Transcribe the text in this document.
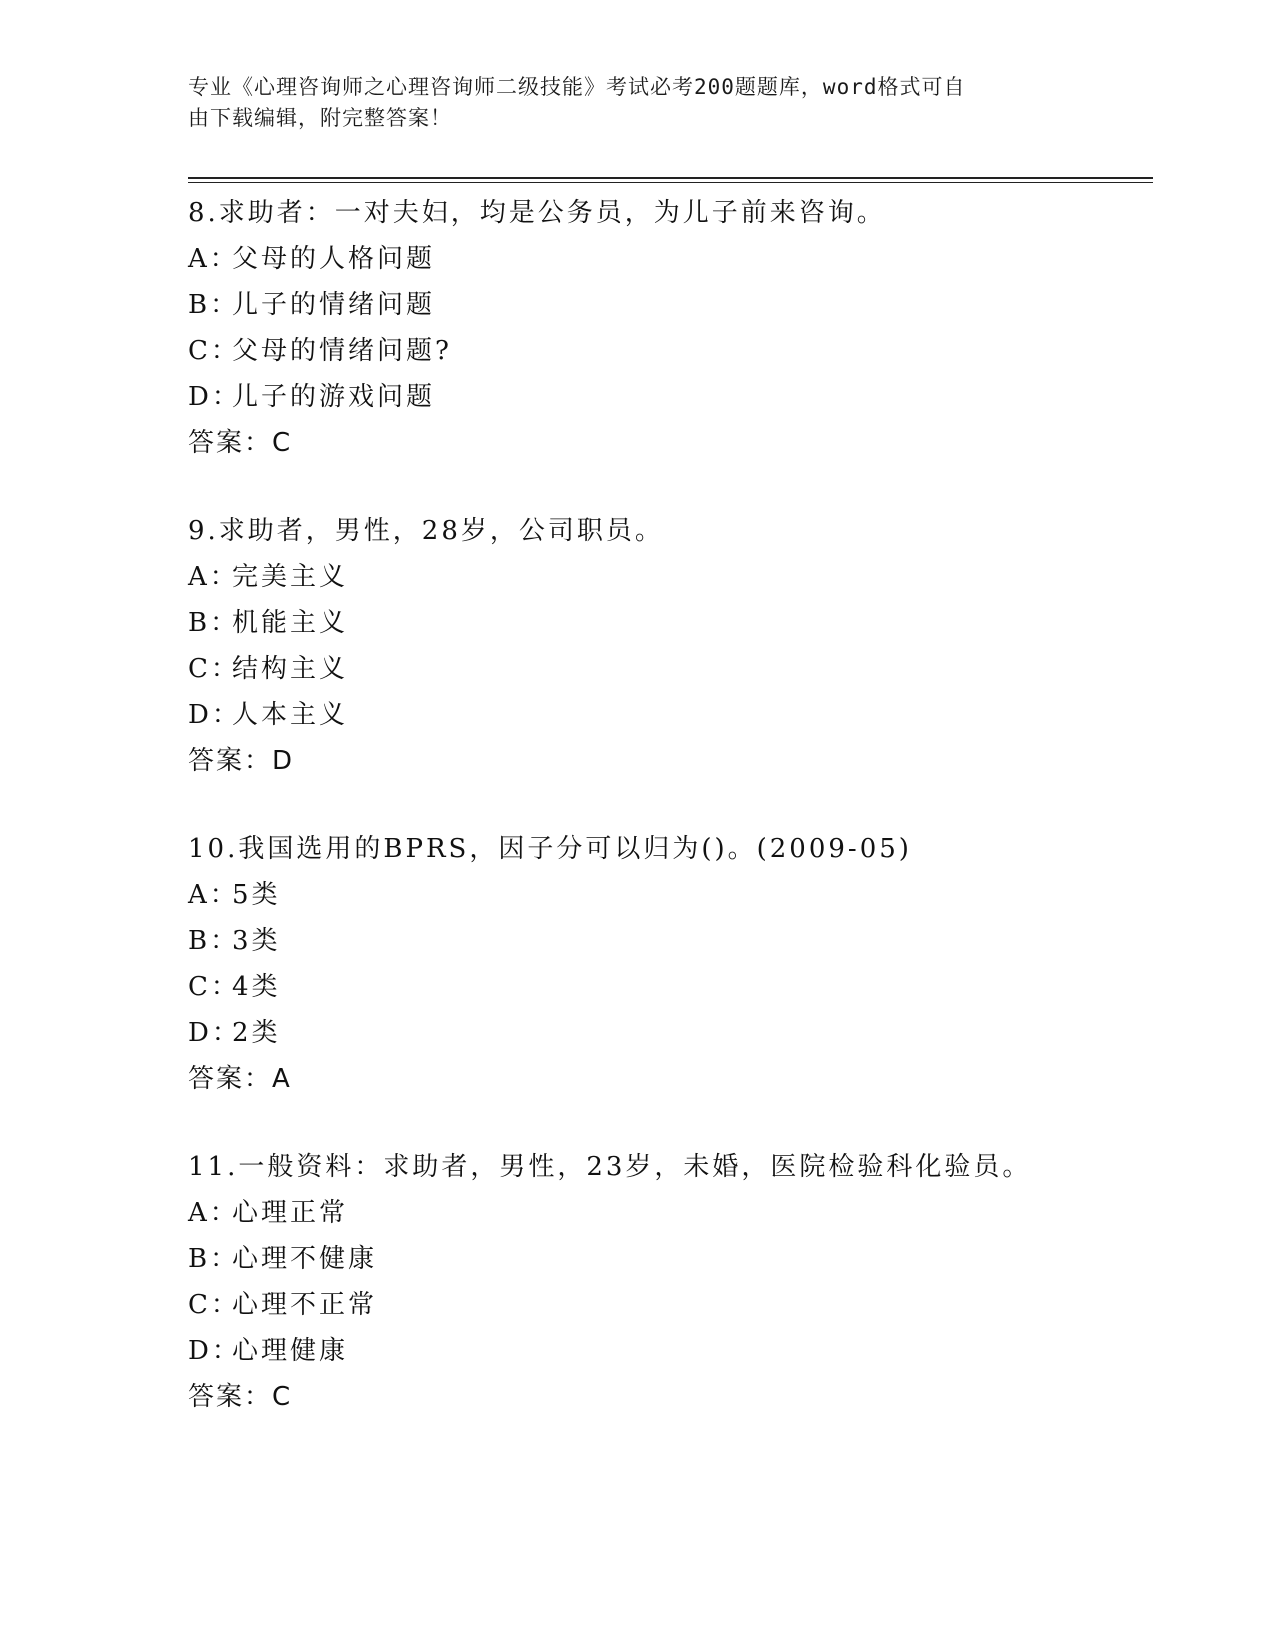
专业《心理咨询师之心理咨询师二级技能》考试必考200题题库，word格式可自
由下载编辑，附完整答案！
8.求助者：一对夫妇，均是公务员，为儿子前来咨询。
A：
父母的人格问题
B：
儿子的情绪问题
C：
父母的情绪问题?
D：
儿子的游戏问题
答案：C
9.求助者，男性，28岁，公司职员。
A：
完美主义
B：
机能主义
C：
结构主义
D：
人本主义
答案：D
10.我国选用的BPRS，因子分可以归为()。(2009-05)
A：
5类
B：
3类
C：
4类
D：
2类
答案：A
11.一般资料：求助者，男性，23岁，未婚，医院检验科化验员。
A：
心理正常
B：
心理不健康
C：
心理不正常
D：
心理健康
答案：C
